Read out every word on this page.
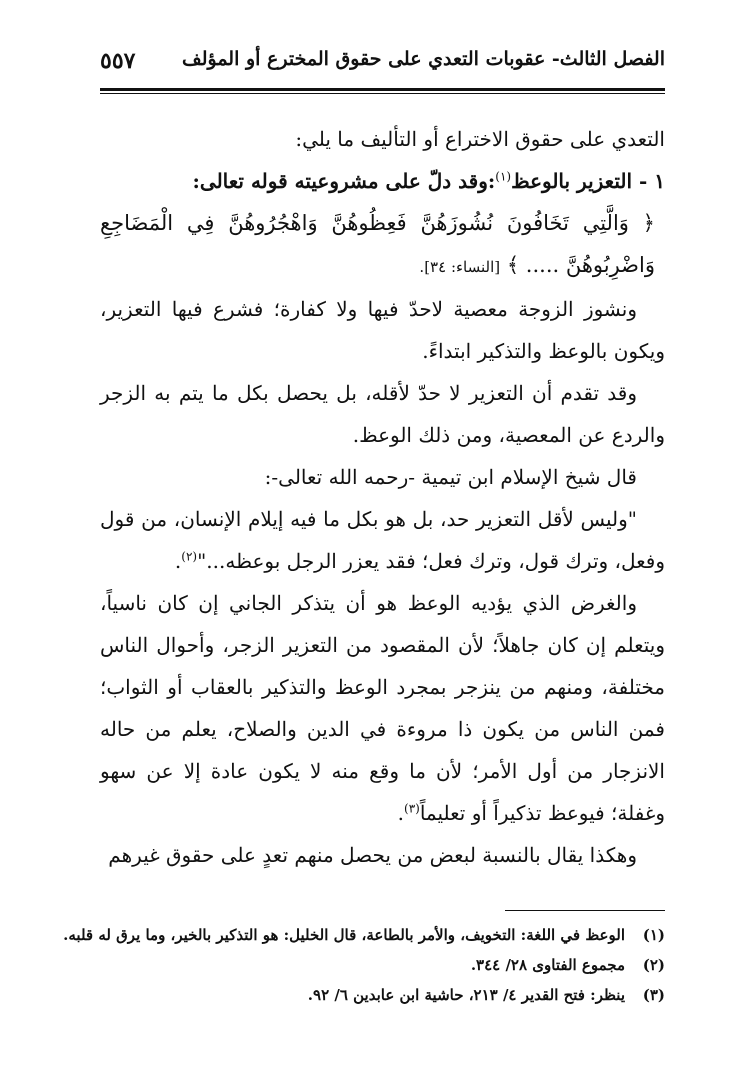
الفصل الثالث- عقوبات التعدي على حقوق المخترع أو المؤلف
٥٥٧

التعدي على حقوق الاختراع أو التأليف ما يلي:

١ - التعزير بالوعظ$^{(١)}$:وقد دلّ على مشروعيته قوله تعالى:

﴿ وَالَّتِي تَخَافُونَ نُشُوزَهُنَّ فَعِظُوهُنَّ وَاهْجُرُوهُنَّ فِي الْمَضَاجِعِ وَاضْرِبُوهُنَّ ..... ﴾ [النساء: ٣٤].

ونشوز الزوجة معصية لاحدّ فيها ولا كفارة؛ فشرع فيها التعزير، ويكون بالوعظ والتذكير ابتداءً.

وقد تقدم أن التعزير لا حدّ لأقله، بل يحصل بكل ما يتم به الزجر والردع عن المعصية، ومن ذلك الوعظ.

قال شيخ الإسلام ابن تيمية -رحمه الله تعالى-:

"وليس لأقل التعزير حد، بل هو بكل ما فيه إيلام الإنسان، من قول وفعل، وترك قول، وترك فعل؛ فقد يعزر الرجل بوعظه..."$^{(٢)}$.

والغرض الذي يؤديه الوعظ هو أن يتذكر الجاني إن كان ناسياً، ويتعلم إن كان جاهلاً؛ لأن المقصود من التعزير الزجر، وأحوال الناس مختلفة، ومنهم من ينزجر بمجرد الوعظ والتذكير بالعقاب أو الثواب؛ فمن الناس من يكون ذا مروءة في الدين والصلاح، يعلم من حاله الانزجار من أول الأمر؛ لأن ما وقع منه لا يكون عادة إلا عن سهو وغفلة؛ فيوعظ تذكيراً أو تعليماً$^{(٣)}$.

وهكذا يقال بالنسبة لبعض من يحصل منهم تعدٍ على حقوق غيرهم

(١)الوعظ في اللغة: التخويف، والأمر بالطاعة، قال الخليل: هو التذكير بالخير، وما يرق له قلبه.
(٢)مجموع الفتاوى ٢٨/ ٣٤٤.
(٣)ينظر: فتح القدير ٤/ ٢١٣، حاشية ابن عابدين ٦/ ٩٢.
